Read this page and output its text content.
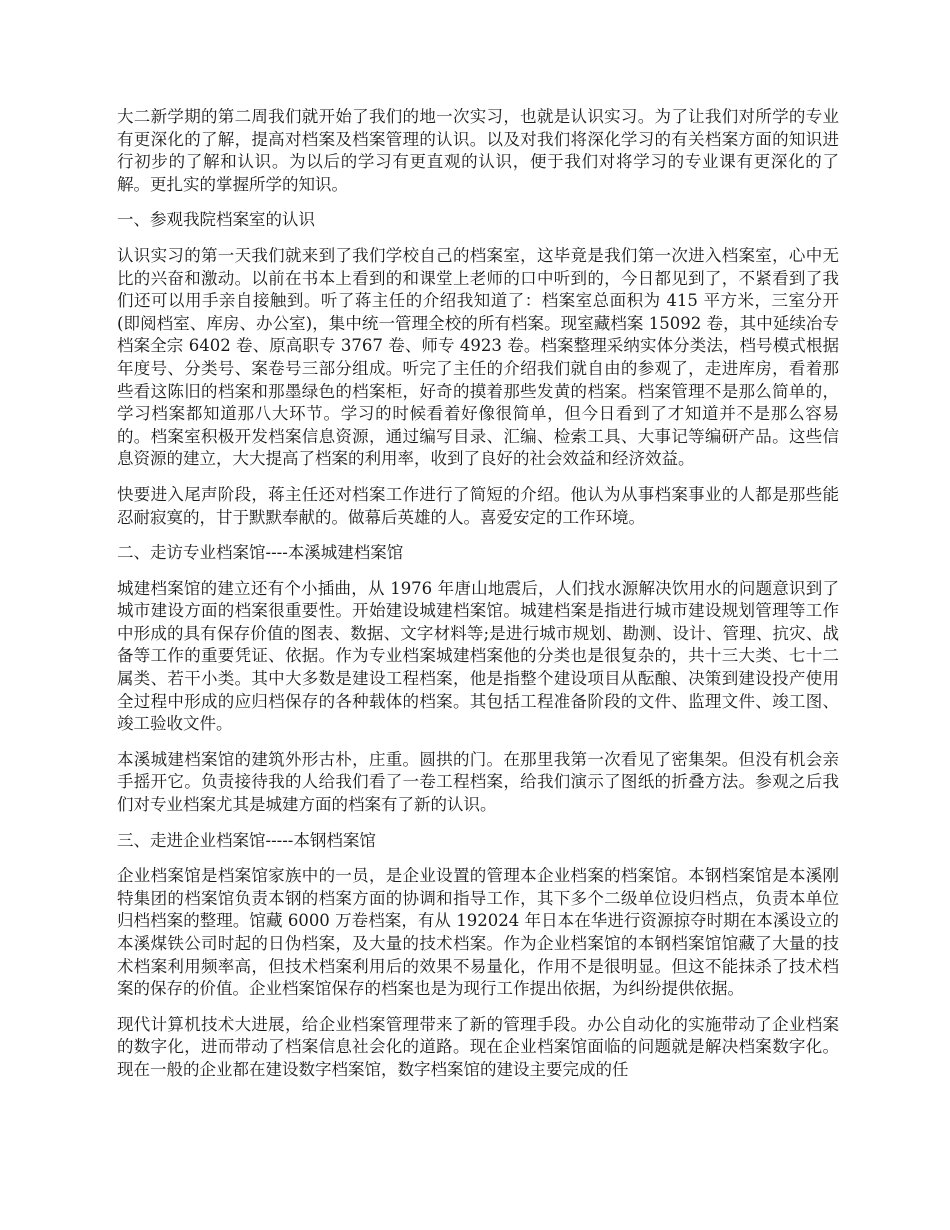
大二新学期的第二周我们就开始了我们的地一次实习，也就是认识实习。为了让我们对所学的专业有更深化的了解，提高对档案及档案管理的认识。以及对我们将深化学习的有关档案方面的知识进行初步的了解和认识。为以后的学习有更直观的认识，便于我们对将学习的专业课有更深化的了解。更扎实的掌握所学的知识。

一、参观我院档案室的认识

认识实习的第一天我们就来到了我们学校自己的档案室，这毕竟是我们第一次进入档案室，心中无比的兴奋和激动。以前在书本上看到的和课堂上老师的口中听到的，今日都见到了，不紧看到了我们还可以用手亲自接触到。听了蒋主任的介绍我知道了：档案室总面积为 415 平方米，三室分开(即阅档室、库房、办公室)，集中统一管理全校的所有档案。现室藏档案 15092 卷，其中延续冶专档案全宗 6402 卷、原高职专 3767 卷、师专 4923 卷。档案整理采纳实体分类法，档号模式根据年度号、分类号、案卷号三部分组成。听完了主任的介绍我们就自由的参观了，走进库房，看着那些看这陈旧的档案和那墨绿色的档案柜，好奇的摸着那些发黄的档案。档案管理不是那么简单的，学习档案都知道那八大环节。学习的时候看着好像很简单，但今日看到了才知道并不是那么容易的。档案室积极开发档案信息资源，通过编写目录、汇编、检索工具、大事记等编研产品。这些信息资源的建立，大大提高了档案的利用率，收到了良好的社会效益和经济效益。

快要进入尾声阶段，蒋主任还对档案工作进行了简短的介绍。他认为从事档案事业的人都是那些能忍耐寂寞的，甘于默默奉献的。做幕后英雄的人。喜爱安定的工作环境。

二、走访专业档案馆----本溪城建档案馆

城建档案馆的建立还有个小插曲，从 1976 年唐山地震后，人们找水源解决饮用水的问题意识到了城市建设方面的档案很重要性。开始建设城建档案馆。城建档案是指进行城市建设规划管理等工作中形成的具有保存价值的图表、数据、文字材料等;是进行城市规划、勘测、设计、管理、抗灾、战备等工作的重要凭证、依据。作为专业档案城建档案他的分类也是很复杂的，共十三大类、七十二属类、若干小类。其中大多数是建设工程档案，他是指整个建设项目从酝酿、决策到建设投产使用全过程中形成的应归档保存的各种载体的档案。其包括工程准备阶段的文件、监理文件、竣工图、竣工验收文件。

本溪城建档案馆的建筑外形古朴，庄重。圆拱的门。在那里我第一次看见了密集架。但没有机会亲手摇开它。负责接待我的人给我们看了一卷工程档案，给我们演示了图纸的折叠方法。参观之后我们对专业档案尤其是城建方面的档案有了新的认识。

三、走进企业档案馆-----本钢档案馆

企业档案馆是档案馆家族中的一员，是企业设置的管理本企业档案的档案馆。本钢档案馆是本溪刚特集团的档案馆负责本钢的档案方面的协调和指导工作，其下多个二级单位设归档点，负责本单位归档档案的整理。馆藏 6000 万卷档案，有从 192024 年日本在华进行资源掠夺时期在本溪设立的本溪煤铁公司时起的日伪档案，及大量的技术档案。作为企业档案馆的本钢档案馆馆藏了大量的技术档案利用频率高，但技术档案利用后的效果不易量化，作用不是很明显。但这不能抹杀了技术档案的保存的价值。企业档案馆保存的档案也是为现行工作提出依据，为纠纷提供依据。

现代计算机技术大进展，给企业档案管理带来了新的管理手段。办公自动化的实施带动了企业档案的数字化，进而带动了档案信息社会化的道路。现在企业档案馆面临的问题就是解决档案数字化。现在一般的企业都在建设数字档案馆，数字档案馆的建设主要完成的任
